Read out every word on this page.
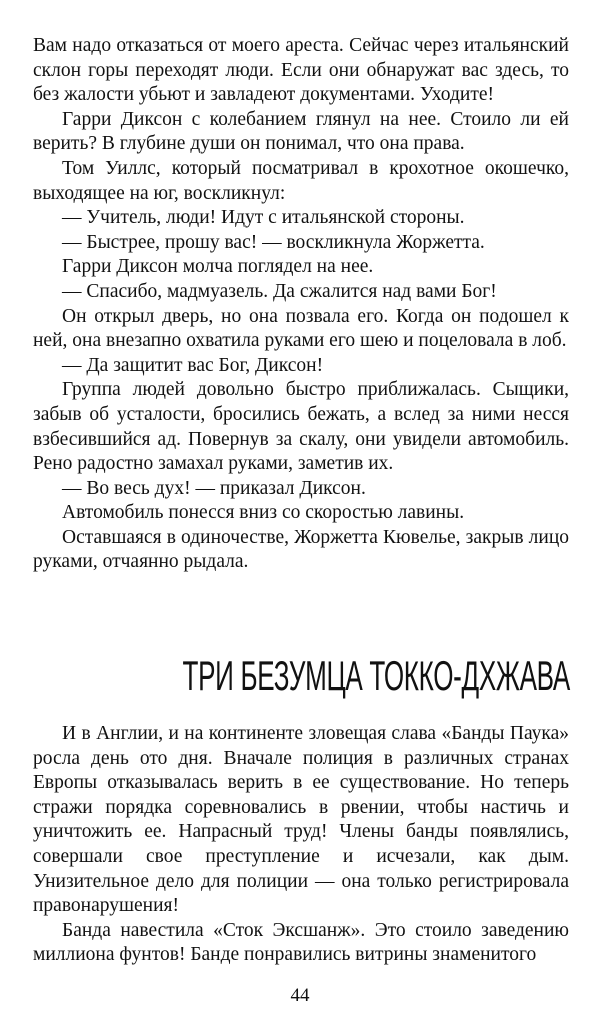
Вам надо отказаться от моего ареста. Сейчас через итальянский склон горы переходят люди. Если они обнаружат вас здесь, то без жалости убьют и завладеют документами. Уходите!

Гарри Диксон с колебанием глянул на нее. Стоило ли ей верить? В глубине души он понимал, что она права.

Том Уиллс, который посматривал в крохотное окошечко, выходящее на юг, воскликнул:

— Учитель, люди! Идут с итальянской стороны.

— Быстрее, прошу вас! — воскликнула Жоржетта.

Гарри Диксон молча поглядел на нее.

— Спасибо, мадмуазель. Да сжалится над вами Бог!

Он открыл дверь, но она позвала его. Когда он подошел к ней, она внезапно охватила руками его шею и поцеловала в лоб.

— Да защитит вас Бог, Диксон!

Группа людей довольно быстро приближалась. Сыщики, забыв об усталости, бросились бежать, а вслед за ними несся взбесившийся ад. Повернув за скалу, они увидели автомобиль. Рено радостно замахал руками, заметив их.

— Во весь дух! — приказал Диксон.

Автомобиль понесся вниз со скоростью лавины.

Оставшаяся в одиночестве, Жоржетта Кювелье, закрыв лицо руками, отчаянно рыдала.

ТРИ БЕЗУМЦА ТОККО-ДХЖАВА

И в Англии, и на континенте зловещая слава «Банды Паука» росла день ото дня. Вначале полиция в различных странах Европы отказывалась верить в ее существование. Но теперь стражи порядка соревновались в рвении, чтобы настичь и уничтожить ее. Напрасный труд! Члены банды появлялись, совершали свое преступление и исчезали, как дым. Унизительное дело для полиции — она только регистрировала правонарушения!

Банда навестила «Сток Эксшанж». Это стоило заведению миллиона фунтов! Банде понравились витрины знаменитого

44
